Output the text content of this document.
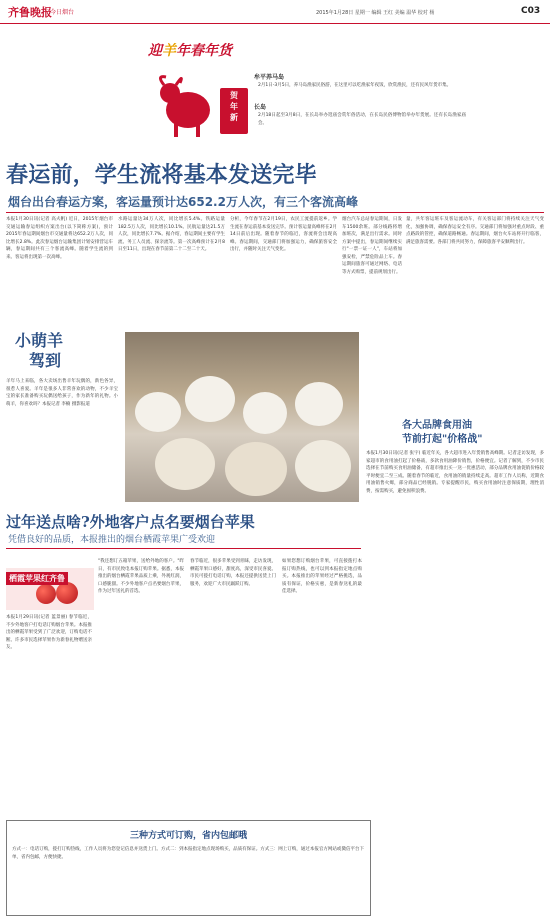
齐鲁晚报
今日烟台	2015年1月28日 星期一 编辑 王红 美编 温华 校对 杨	C03
迎羊年春年货
贺
年
新
牟平养马岛
2月1日-3月5日，养马岛渔家民俗游，在这里可以吃渔家年夜饭，欣赏渔民，还有民风年货市集。
长岛
2月18日起至3月8日，在长岛举办逛庙会赏年俗活动，在长岛民俗博物馆举办年货展。还有长岛渔家庙会。
春运前，学生流将基本发送完毕
烟台出台春运方案，客运量预计达652.2万人次，有三个客流高峰
本报1月30日讯(记者 高夫帆) 近日，2015年烟台市交通运输春运组织方案出台(以下简称方案)，预计2015年春运期间烟台市交通量将达652.2万人次，同比增长2.8%。此次春运烟台运输集团计划安排营运车辆，春运期间共有三个客流高峰。随着学生流的到来。客运将出现第一次高峰。
水路运量达34万人次，同比增长5.4%。铁路运量182.5万人次，同比增长10.1%。民航运量达21.5万人次，同比增长7.7%。据介绍，春运期间主要有学生流、务工人员流、探亲流等。第一次高峰预计在2月8日至11日，出现在春节前第二十二至二十天。
分析，今年春节在2月19日，农民工流提前返乡。学生流在春运前基本发送完毕。预计客运量高峰将在2月14日前后出现。随着春节的临近，客流将会出现高峰。春运期间，交通部门将加强运力，确保旅客安全出行，并随时关注天气变化。
烟台汽车总站春运期间，日发车1500余班。部分线路将增加班次，满足出行需求。同时方案中提出，春运期间继续实行"一票一证一人"，车站将加强安检，严禁危险品上车。春运期间旅客可通过网络、电话等方式购票，提前规划出行。
量，共年客运班车及客运流动车，有关客运部门将持续关注天气变化，加强协调，确保春运安全有序。交通部门将加强对重点时段、重点路段的管控，确保道路畅通。春运期间，烟台火车站将开行临客，满足旅客需要。各部门将共同努力，保障旅客平安顺利出行。
小萌羊
驾到
羊年马上来临，各大卖场出售羊年玩偶的，新色各异，很惹人喜爱。羊年是很多人非常喜欢的动物，不少羊宝宝的家长准备购买玩偶送给孩子，作为新年的礼物。小萌羊，你喜欢吗？本报记者 李楠 摄影报道
各大品牌食用油
节前打起"价格战"
本报1月30日讯(记者 张宇) 临近年关，各大超市进入年货销售高峰期。记者走访发现，多家超市的食用油打起了价格战，多款食用油降价销售，价格便宜。记者了解到，不少市民选择在节前购买食用油储备，有超市推出买一送一优惠活动，部分品牌食用油促销价格较平时便宜二至三成。随着春节的临近，食用油的销量持续走高。超市工作人员称，近期食用油销售火爆，部分商品已经脱销。专家提醒市民，购买食用油时注意保质期，理性消费，按需购买，避免囤积浪费。
过年送点啥?外地客户点名要烟台苹果
凭借良好的品质，本报推出的烟台栖霞苹果广受欢迎
栖霞苹果红齐鲁
本报1月29日讯(记者 蓝景丽) 春节临近，不少外地客户打电话订购烟台苹果。本报推出的栖霞苹果受到了广泛欢迎，订购电话不断。许多市民选择苹果作为新春礼物赠送亲友。
"我还想订五箱苹果，送给外地的客户。"昨日，有市民致电本报订购苹果。据悉，本报推出的烟台栖霞苹果品质上乘，外观红润，口感脆甜。不少外地客户点名要烟台苹果，作为过年送礼的首选。
春节临近，很多苹果受到青睐，走访发现，栖霞苹果口感好，甜度高，深受市民喜爱。市民可拨打电话订购，本报还提供送货上门服务，欢迎广大市民踊跃订购。
如果您想订购烟台苹果，可直接拨打本报订购热线，也可以到本报指定地点购买。本报推出的苹果经过严格挑选，品质有保证，价格实惠，是新春送礼的最佳选择。
三种方式可订购，省内包邮哦
方式一：电话订购，拨打订购热线，工作人员将为您登记信息并送货上门。方式二：到本报指定地点现场购买，品质有保证。方式三：网上订购，通过本报官方网站或微信平台下单，省内包邮，方便快捷。
